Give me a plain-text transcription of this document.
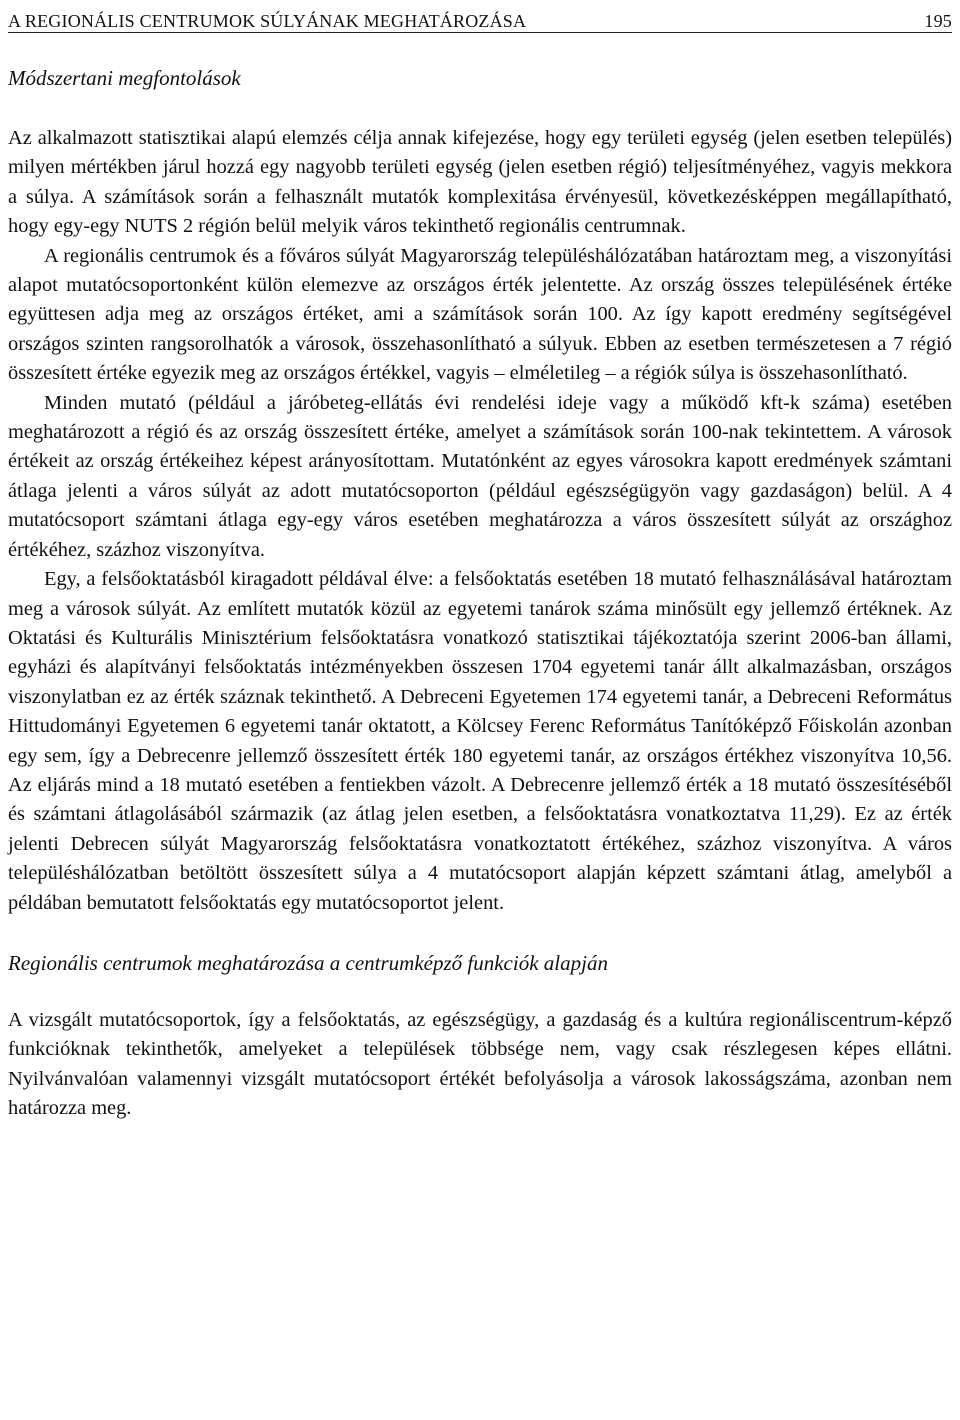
A REGIONÁLIS CENTRUMOK SÚLYÁNAK MEGHATÁROZÁSA	195
Módszertani megfontolások

Az alkalmazott statisztikai alapú elemzés célja annak kifejezése, hogy egy területi egység (jelen esetben település) milyen mértékben járul hozzá egy nagyobb területi egység (jelen esetben régió) teljesítményéhez, vagyis mekkora a súlya. A számítások során a felhasznált mutatók komplexitása érvényesül, következésképpen megállapítható, hogy egy-egy NUTS 2 régión belül melyik város tekinthető regionális centrumnak.

A regionális centrumok és a főváros súlyát Magyarország településhálózatában határoztam meg, a viszonyítási alapot mutatócsoportonként külön elemezve az országos érték jelentette. Az ország összes településének értéke együttesen adja meg az országos értéket, ami a számítások során 100. Az így kapott eredmény segítségével országos szinten rangsorolhatók a városok, összehasonlítható a súlyuk. Ebben az esetben természetesen a 7 régió összesített értéke egyezik meg az országos értékkel, vagyis – elméletileg – a régiók súlya is összehasonlítható.

Minden mutató (például a járóbeteg-ellátás évi rendelési ideje vagy a működő kft-k száma) esetében meghatározott a régió és az ország összesített értéke, amelyet a számítások során 100-nak tekintettem. A városok értékeit az ország értékeihez képest arányosítottam. Mutatónként az egyes városokra kapott eredmények számtani átlaga jelenti a város súlyát az adott mutatócsoporton (például egészségügyön vagy gazdaságon) belül. A 4 mutatócsoport számtani átlaga egy-egy város esetében meghatározza a város összesített súlyát az országhoz értékéhez, százhoz viszonyítva.

Egy, a felsőoktatásból kiragadott példával élve: a felsőoktatás esetében 18 mutató felhasználásával határoztam meg a városok súlyát. Az említett mutatók közül az egyetemi tanárok száma minősült egy jellemző értéknek. Az Oktatási és Kulturális Minisztérium felsőoktatásra vonatkozó statisztikai tájékoztatója szerint 2006-ban állami, egyházi és alapítványi felsőoktatás intézményekben összesen 1704 egyetemi tanár állt alkalmazásban, országos viszonylatban ez az érték száznak tekinthető. A Debreceni Egyetemen 174 egyetemi tanár, a Debreceni Református Hittudományi Egyetemen 6 egyetemi tanár oktatott, a Kölcsey Ferenc Református Tanítóképző Főiskolán azonban egy sem, így a Debrecenre jellemző összesített érték 180 egyetemi tanár, az országos értékhez viszonyítva 10,56. Az eljárás mind a 18 mutató esetében a fentiekben vázolt. A Debrecenre jellemző érték a 18 mutató összesítéséből és számtani átlagolásából származik (az átlag jelen esetben, a felsőoktatásra vonatkoztatva 11,29). Ez az érték jelenti Debrecen súlyát Magyarország felsőoktatásra vonatkoztatott értékéhez, százhoz viszonyítva. A város településhálózatban betöltött összesített súlya a 4 mutatócsoport alapján képzett számtani átlag, amelyből a példában bemutatott felsőoktatás egy mutatócsoportot jelent.

Regionális centrumok meghatározása a centrumképző funkciók alapján

A vizsgált mutatócsoportok, így a felsőoktatás, az egészségügy, a gazdaság és a kultúra regionáliscentrum-képző funkcióknak tekinthetők, amelyeket a települések többsége nem, vagy csak részlegesen képes ellátni. Nyilvánvalóan valamennyi vizsgált mutatócsoport értékét befolyásolja a városok lakosságszáma, azonban nem határozza meg.
